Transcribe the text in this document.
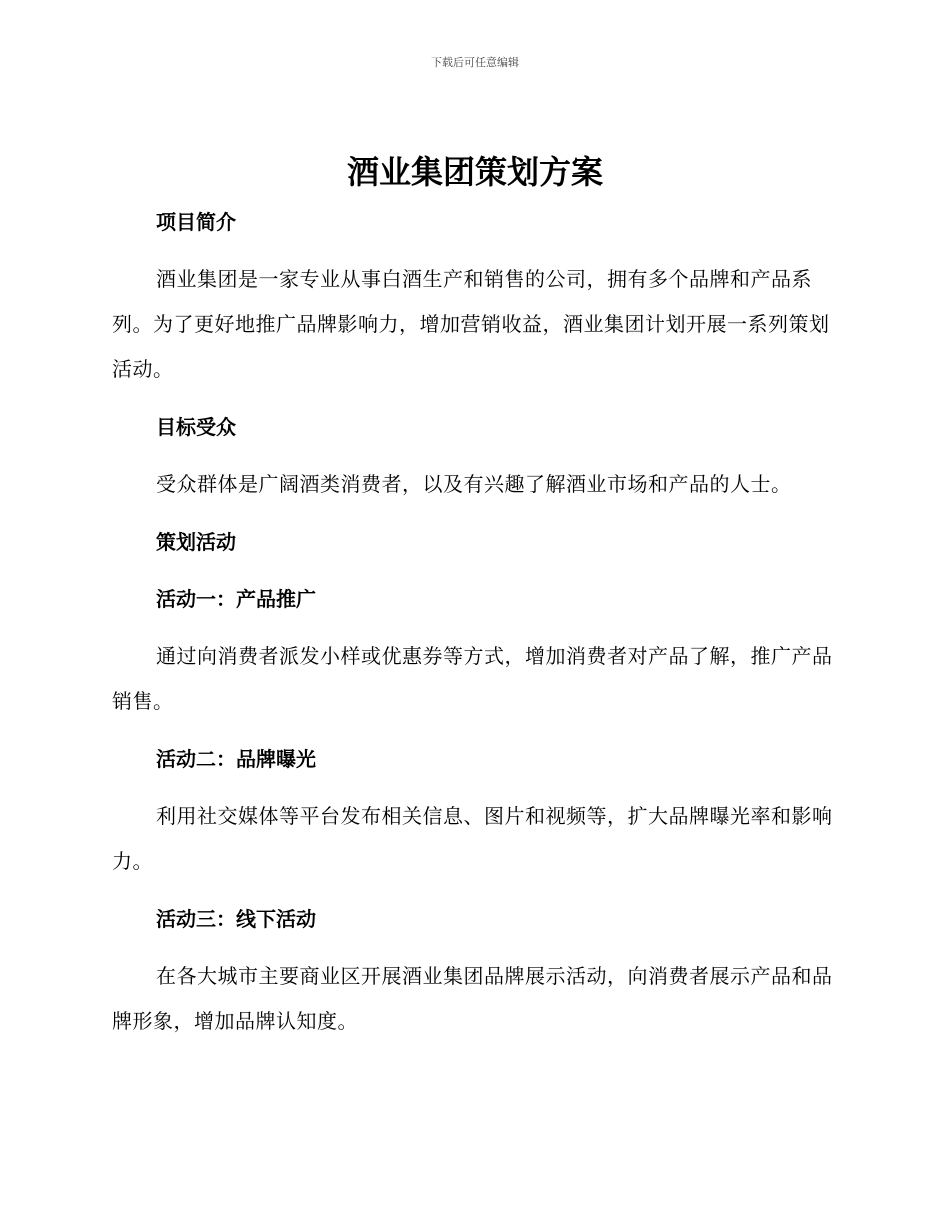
下载后可任意编辑
酒业集团策划方案

项目简介

酒业集团是一家专业从事白酒生产和销售的公司，拥有多个品牌和产品系列。为了更好地推广品牌影响力，增加营销收益，酒业集团计划开展一系列策划活动。

目标受众

受众群体是广阔酒类消费者，以及有兴趣了解酒业市场和产品的人士。

策划活动

活动一：产品推广

通过向消费者派发小样或优惠券等方式，增加消费者对产品了解，推广产品销售。

活动二：品牌曝光

利用社交媒体等平台发布相关信息、图片和视频等，扩大品牌曝光率和影响力。

活动三：线下活动

在各大城市主要商业区开展酒业集团品牌展示活动，向消费者展示产品和品牌形象，增加品牌认知度。
